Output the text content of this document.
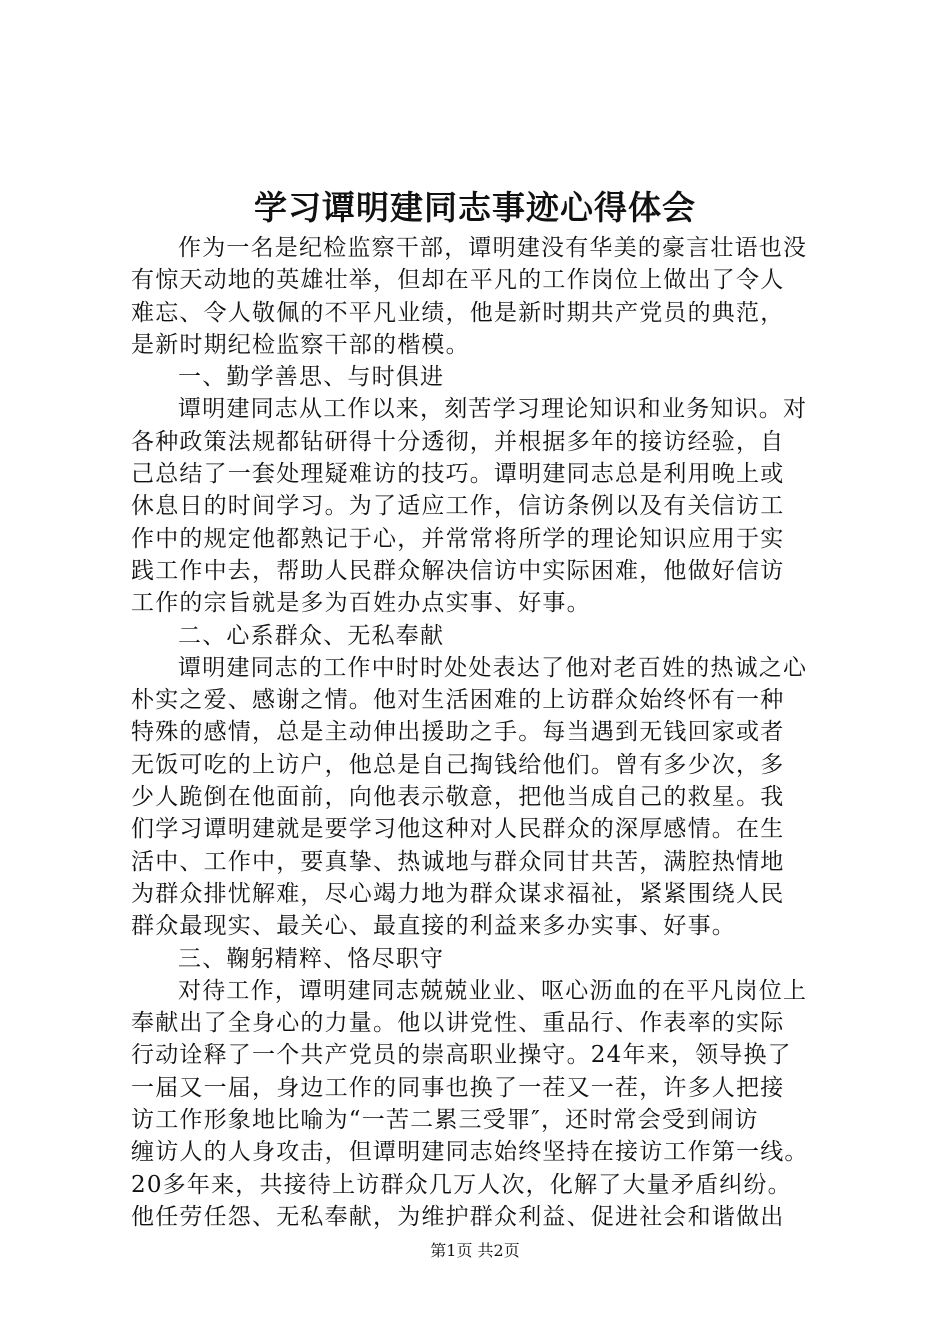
学习谭明建同志事迹心得体会
作为一名是纪检监察干部，谭明建没有华美的豪言壮语也没
有惊天动地的英雄壮举，但却在平凡的工作岗位上做出了令人
难忘、令人敬佩的不平凡业绩，他是新时期共产党员的典范，
是新时期纪检监察干部的楷模。
一、勤学善思、与时俱进
谭明建同志从工作以来，刻苦学习理论知识和业务知识。对
各种政策法规都钻研得十分透彻，并根据多年的接访经验，自
己总结了一套处理疑难访的技巧。谭明建同志总是利用晚上或
休息日的时间学习。为了适应工作，信访条例以及有关信访工
作中的规定他都熟记于心，并常常将所学的理论知识应用于实
践工作中去，帮助人民群众解决信访中实际困难，他做好信访
工作的宗旨就是多为百姓办点实事、好事。
二、心系群众、无私奉献
谭明建同志的工作中时时处处表达了他对老百姓的热诚之心
朴实之爱、感谢之情。他对生活困难的上访群众始终怀有一种
特殊的感情，总是主动伸出援助之手。每当遇到无钱回家或者
无饭可吃的上访户，他总是自己掏钱给他们。曾有多少次，多
少人跪倒在他面前，向他表示敬意，把他当成自己的救星。我
们学习谭明建就是要学习他这种对人民群众的深厚感情。在生
活中、工作中，要真挚、热诚地与群众同甘共苦，满腔热情地
为群众排忧解难，尽心竭力地为群众谋求福祉，紧紧围绕人民
群众最现实、最关心、最直接的利益来多办实事、好事。
三、鞠躬精粹、恪尽职守
对待工作，谭明建同志兢兢业业、呕心沥血的在平凡岗位上
奉献出了全身心的力量。他以讲党性、重品行、作表率的实际
行动诠释了一个共产党员的崇高职业操守。24年来，领导换了
一届又一届，身边工作的同事也换了一茬又一茬，许多人把接
访工作形象地比喻为“一苦二累三受罪″，还时常会受到闹访
缠访人的人身攻击，但谭明建同志始终坚持在接访工作第一线。
20多年来，共接待上访群众几万人次，化解了大量矛盾纠纷。
他任劳任怨、无私奉献，为维护群众利益、促进社会和谐做出
第1页 共2页
